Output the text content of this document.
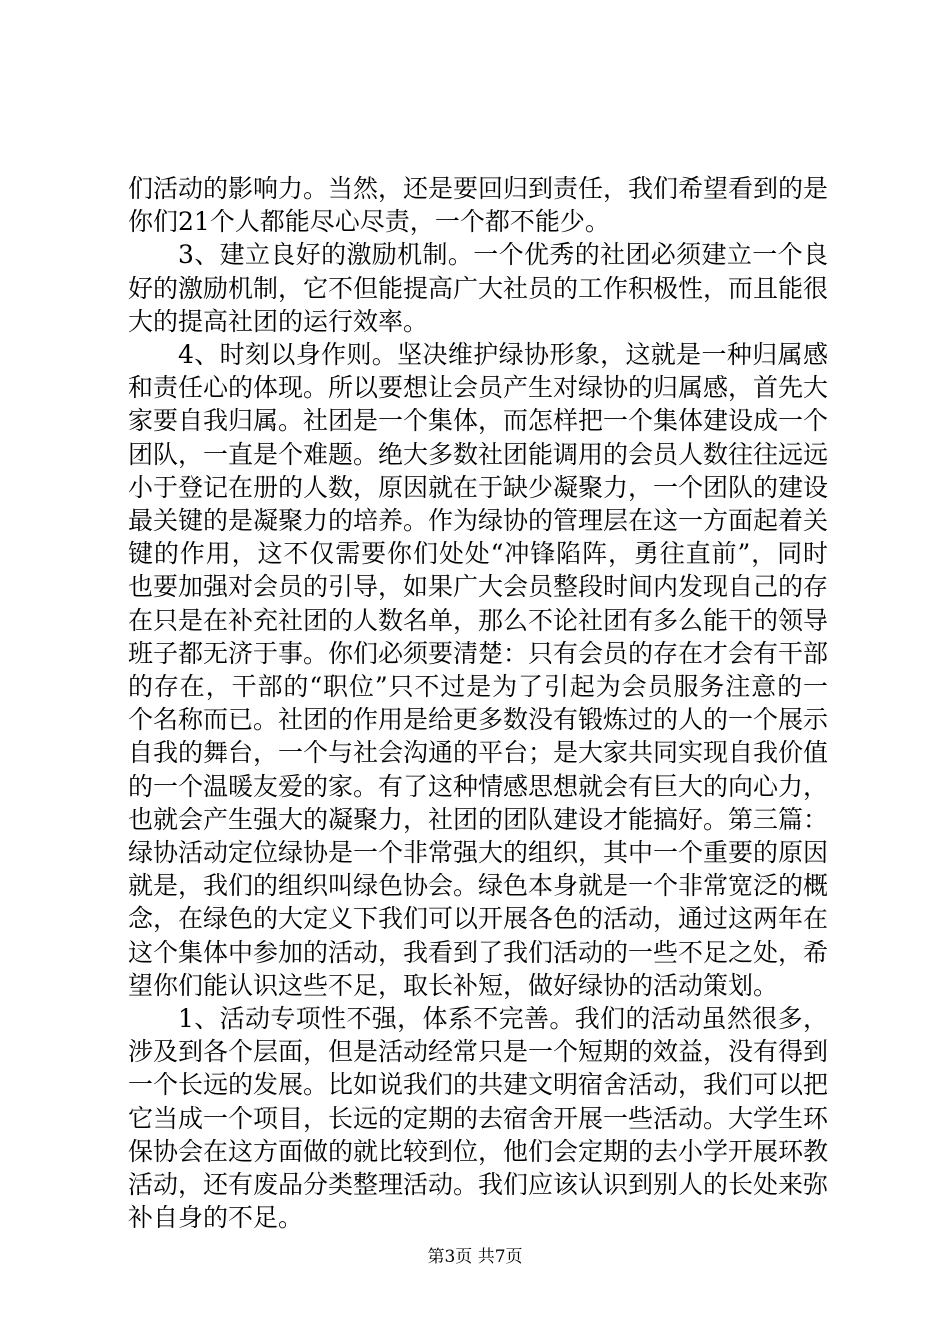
们活动的影响力。当然，还是要回归到责任，我们希望看到的是你们21个人都能尽心尽责，一个都不能少。

3、建立良好的激励机制。一个优秀的社团必须建立一个良好的激励机制，它不但能提高广大社员的工作积极性，而且能很大的提高社团的运行效率。

4、时刻以身作则。坚决维护绿协形象，这就是一种归属感和责任心的体现。所以要想让会员产生对绿协的归属感，首先大家要自我归属。社团是一个集体，而怎样把一个集体建设成一个团队，一直是个难题。绝大多数社团能调用的会员人数往往远远小于登记在册的人数，原因就在于缺少凝聚力，一个团队的建设最关键的是凝聚力的培养。作为绿协的管理层在这一方面起着关键的作用，这不仅需要你们处处“冲锋陷阵，勇往直前”，同时也要加强对会员的引导，如果广大会员整段时间内发现自己的存在只是在补充社团的人数名单，那么不论社团有多么能干的领导班子都无济于事。你们必须要清楚：只有会员的存在才会有干部的存在，干部的“职位”只不过是为了引起为会员服务注意的一个名称而已。社团的作用是给更多数没有锻炼过的人的一个展示自我的舞台，一个与社会沟通的平台；是大家共同实现自我价值的一个温暖友爱的家。有了这种情感思想就会有巨大的向心力，也就会产生强大的凝聚力，社团的团队建设才能搞好。第三篇：绿协活动定位绿协是一个非常强大的组织，其中一个重要的原因就是，我们的组织叫绿色协会。绿色本身就是一个非常宽泛的概念，在绿色的大定义下我们可以开展各色的活动，通过这两年在这个集体中参加的活动，我看到了我们活动的一些不足之处，希望你们能认识这些不足，取长补短，做好绿协的活动策划。

1、活动专项性不强，体系不完善。我们的活动虽然很多，涉及到各个层面，但是活动经常只是一个短期的效益，没有得到一个长远的发展。比如说我们的共建文明宿舍活动，我们可以把它当成一个项目，长远的定期的去宿舍开展一些活动。大学生环保协会在这方面做的就比较到位，他们会定期的去小学开展环教活动，还有废品分类整理活动。我们应该认识到别人的长处来弥补自身的不足。

第3页 共7页
